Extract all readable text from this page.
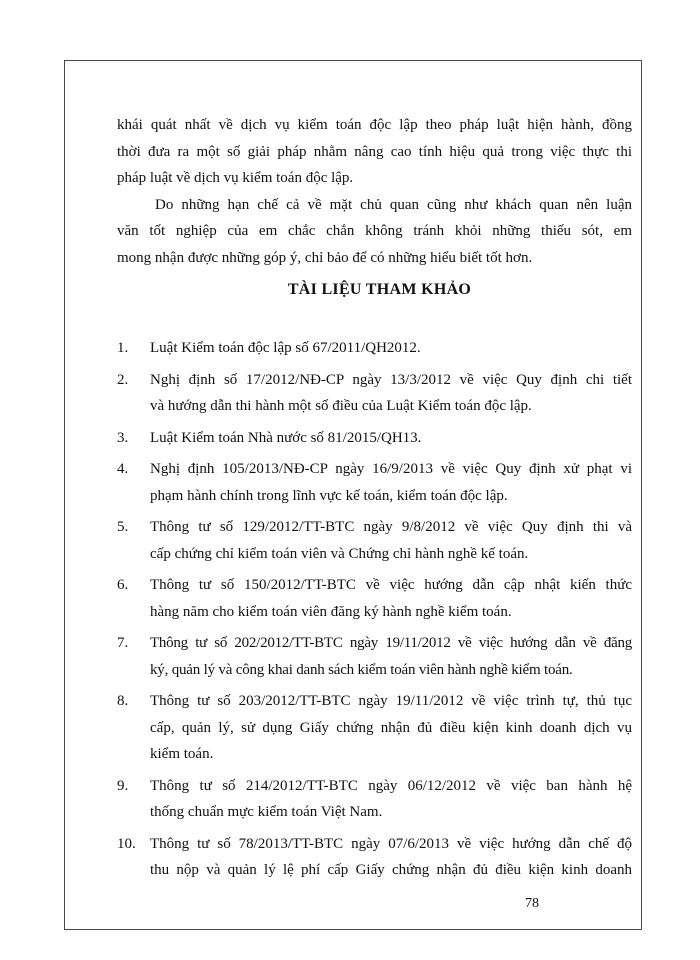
khái quát nhất về dịch vụ kiểm toán độc lập theo pháp luật hiện hành, đồng
thời đưa ra một số giải pháp nhằm nâng cao tính hiệu quả trong việc thực thi
pháp luật về dịch vụ kiểm toán độc lập.

Do những hạn chế cả về mặt chủ quan cũng như khách quan nên luận
văn tốt nghiệp của em chắc chắn không tránh khỏi những thiếu sót, em
mong nhận được những góp ý, chỉ bảo để có những hiểu biết tốt hơn.

TÀI LIỆU THAM KHẢO
1.	Luật Kiểm toán độc lập số 67/2011/QH2012.
2.	Nghị định số 17/2012/NĐ-CP ngày 13/3/2012 về việc Quy định chi tiết
và hướng dẫn thi hành một số điều của Luật Kiểm toán độc lập.
3.	Luật Kiểm toán Nhà nước số 81/2015/QH13.
4.	Nghị định 105/2013/NĐ-CP ngày 16/9/2013 về việc Quy định xử phạt vi
phạm hành chính trong lĩnh vực kế toán, kiểm toán độc lập.
5.	Thông tư số 129/2012/TT-BTC ngày 9/8/2012 về việc Quy định thi và
cấp chứng chỉ kiểm toán viên và Chứng chỉ hành nghề kế toán.
6.	Thông tư số 150/2012/TT-BTC về việc hướng dẫn cập nhật kiến thức
hàng năm cho kiểm toán viên đăng ký hành nghề kiểm toán.
7.	Thông tư số 202/2012/TT-BTC ngày 19/11/2012 về việc hướng dẫn về đăng
ký, quản lý và công khai danh sách kiểm toán viên hành nghề kiểm toán.
8.	Thông tư số 203/2012/TT-BTC ngày 19/11/2012 về việc trình tự, thủ tục
cấp, quản lý, sử dụng Giấy chứng nhận đủ điều kiện kinh doanh dịch vụ
kiểm toán.
9.	Thông tư số 214/2012/TT-BTC ngày 06/12/2012 về việc ban hành hệ
thống chuẩn mực kiểm toán Việt Nam.
10. Thông tư số 78/2013/TT-BTC ngày 07/6/2013 về việc hướng dẫn chế độ
thu nộp và quản lý lệ phí cấp Giấy chứng nhận đủ điều kiện kinh doanh
78
